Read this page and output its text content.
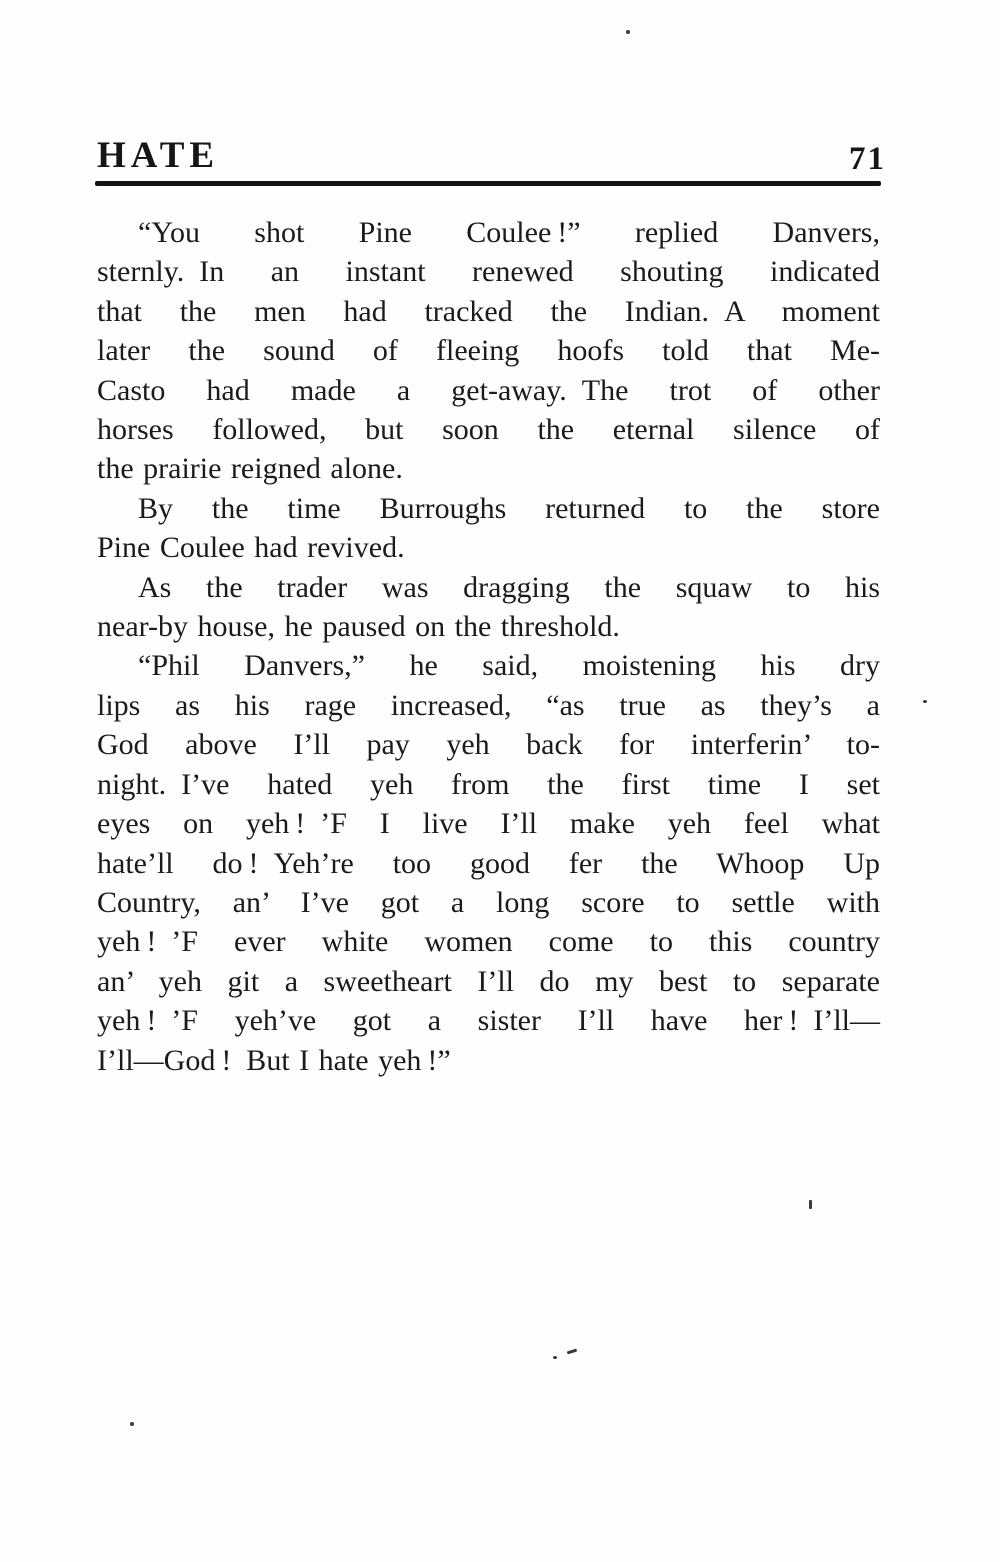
HATE	71
“You shot Pine Coulee !” replied Danvers,
sternly. In an instant renewed shouting indicated
that the men had tracked the Indian. A moment
later the sound of fleeing hoofs told that Me-
Casto had made a get-away. The trot of other
horses followed, but soon the eternal silence of
the prairie reigned alone.
By the time Burroughs returned to the store
Pine Coulee had revived.
As the trader was dragging the squaw to his
near-by house, he paused on the threshold.
“Phil Danvers,” he said, moistening his dry
lips as his rage increased, “as true as they’s a
God above I’ll pay yeh back for interferin’ to-
night. I’ve hated yeh from the first time I set
eyes on yeh ! ’F I live I’ll make yeh feel what
hate’ll do ! Yeh’re too good fer the Whoop Up
Country, an’ I’ve got a long score to settle with
yeh ! ’F ever white women come to this country
an’ yeh git a sweetheart I’ll do my best to separate
yeh ! ’F yeh’ve got a sister I’ll have her ! I’ll—
I’ll—God ! But I hate yeh !”
